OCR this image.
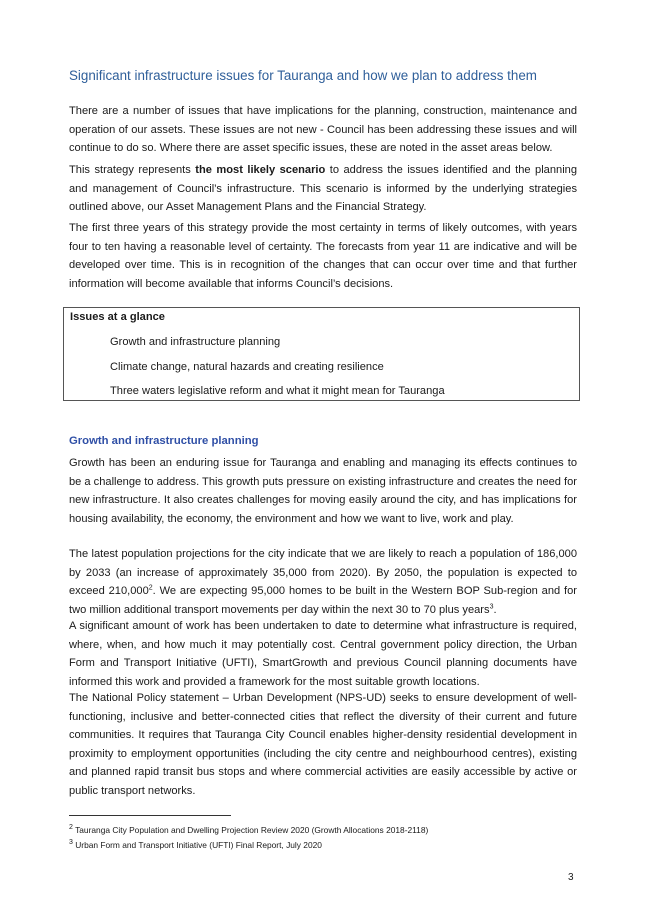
Significant infrastructure issues for Tauranga and how we plan to address them

There are a number of issues that have implications for the planning, construction, maintenance and operation of our assets. These issues are not new - Council has been addressing these issues and will continue to do so. Where there are asset specific issues, these are noted in the asset areas below.

This strategy represents the most likely scenario to address the issues identified and the planning and management of Council’s infrastructure. This scenario is informed by the underlying strategies outlined above, our Asset Management Plans and the Financial Strategy.

The first three years of this strategy provide the most certainty in terms of likely outcomes, with years four to ten having a reasonable level of certainty. The forecasts from year 11 are indicative and will be developed over time. This is in recognition of the changes that can occur over time and that further information will become available that informs Council’s decisions.

Issues at a glance
Growth and infrastructure planning
Climate change, natural hazards and creating resilience
Three waters legislative reform and what it might mean for Tauranga
Growth and infrastructure planning

Growth has been an enduring issue for Tauranga and enabling and managing its effects continues to be a challenge to address. This growth puts pressure on existing infrastructure and creates the need for new infrastructure. It also creates challenges for moving easily around the city, and has implications for housing availability, the economy, the environment and how we want to live, work and play.

The latest population projections for the city indicate that we are likely to reach a population of 186,000 by 2033 (an increase of approximately 35,000 from 2020). By 2050, the population is expected to exceed 210,000$^2$. We are expecting 95,000 homes to be built in the Western BOP Sub-region and for two million additional transport movements per day within the next 30 to 70 plus years$^3$.

A significant amount of work has been undertaken to date to determine what infrastructure is required, where, when, and how much it may potentially cost. Central government policy direction, the Urban Form and Transport Initiative (UFTI), SmartGrowth and previous Council planning documents have informed this work and provided a framework for the most suitable growth locations.

The National Policy statement – Urban Development (NPS-UD) seeks to ensure development of well-functioning, inclusive and better-connected cities that reflect the diversity of their current and future communities. It requires that Tauranga City Council enables higher-density residential development in proximity to employment opportunities (including the city centre and neighbourhood centres), existing and planned rapid transit bus stops and where commercial activities are easily accessible by active or public transport networks.

$^2$ Tauranga City Population and Dwelling Projection Review 2020 (Growth Allocations 2018-2118)
$^3$ Urban Form and Transport Initiative (UFTI) Final Report, July 2020
3
